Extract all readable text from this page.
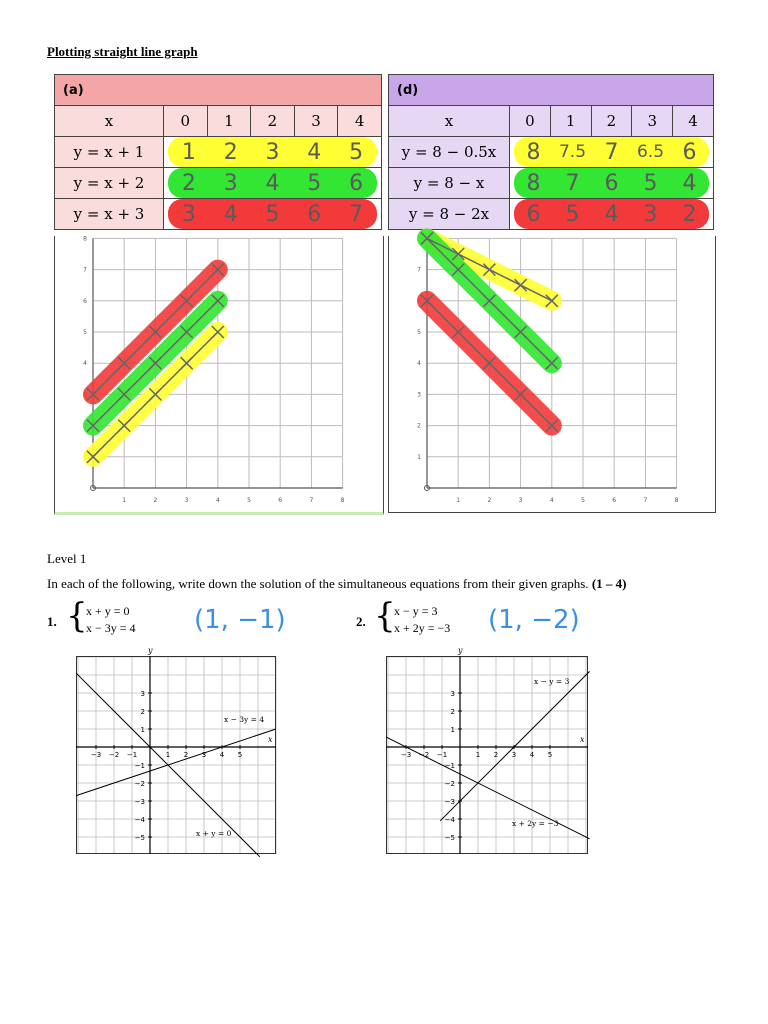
Plotting straight line graph
(a)					
x	0	1	2	3	4
y = x + 1	1 2 3 4 5				

y = x + 2	2 3 4 5 6				

y = x + 3	3 4 5 6 7				
(d)					
x	0	1	2	3	4
y = 8 − 0.5x	8 7.5 7 6.5 6				

y = 8 − x	8 7 6 5 4				

y = 8 − 2x	6 5 4 3 2				
1	2	3	4	5	6	7	8
4
5
6
7
8
1	2	3	4	5	6	7	8
1
2
3
4
5
7
Level 1
In each of the following, write down the solution of the simultaneous equations from their given graphs. (1 – 4)
1. {
x + y = 0
x − 3y = 4 (1, −1)	2. {
x − y = 3
x + 2y = −3 (1, −2)
x
y
−3 −2 −1	1 2 3 4 5
3
2
1
−1
−2
−3
−4
−5
x − 3y = 4
x + y = 0
x
y
−3 −2 −1	1 2 3 4 5
3
2
1
−1
−2
−3
−4
−5
x − y = 3
x + 2y = −3
